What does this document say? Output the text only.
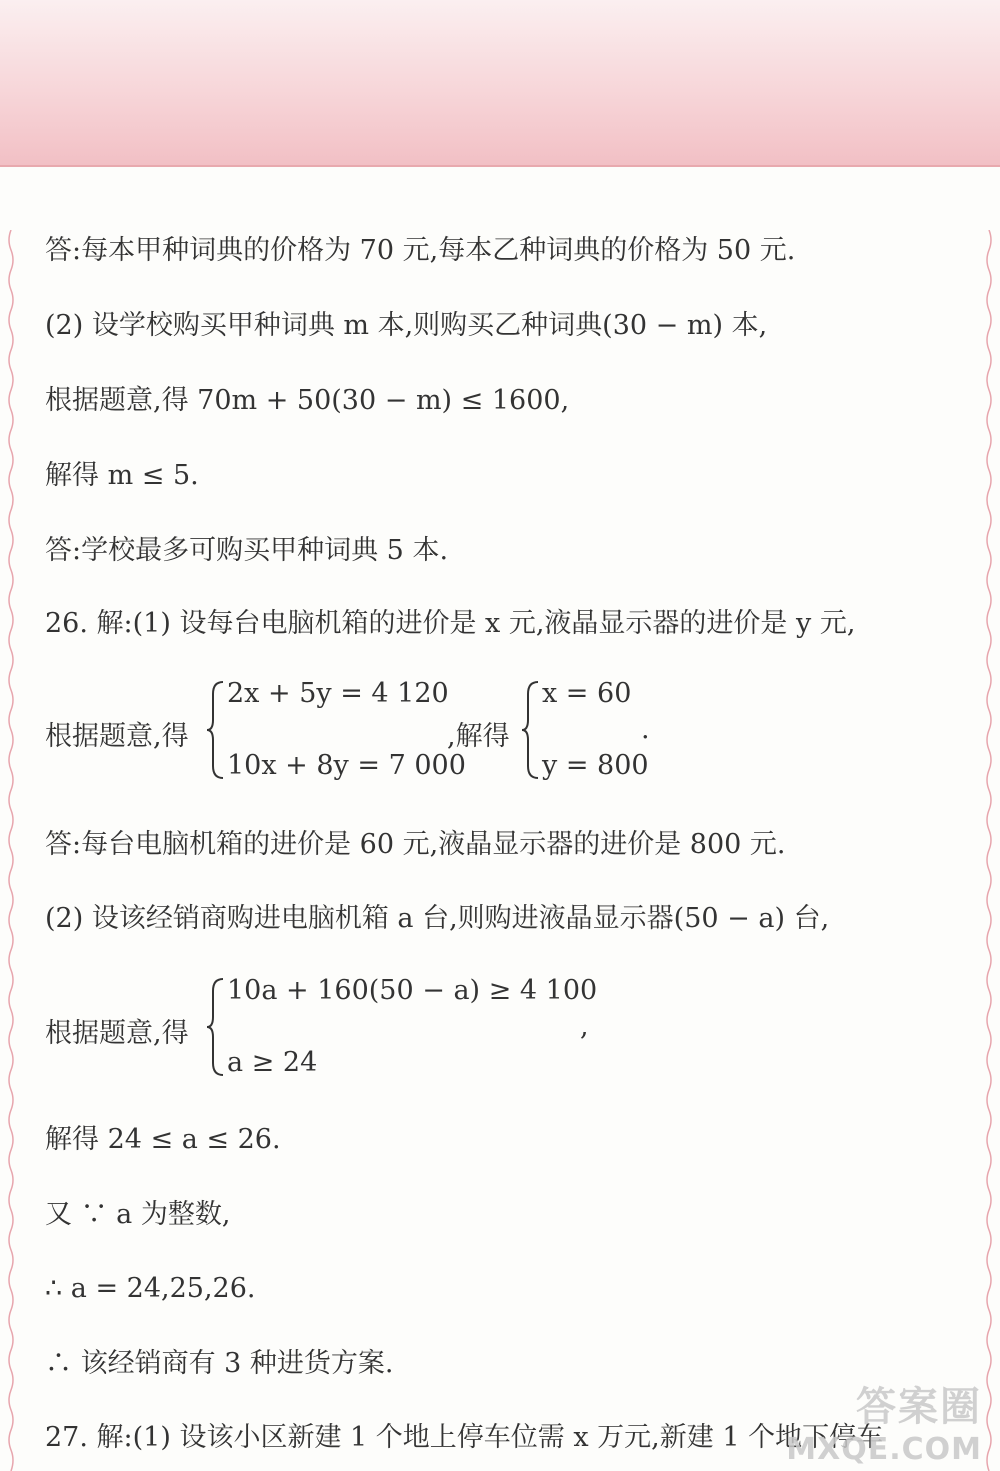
答:每本甲种词典的价格为 70 元,每本乙种词典的价格为 50 元.
(2) 设学校购买甲种词典 m 本,则购买乙种词典(30 − m) 本,
根据题意,得 70m + 50(30 − m) ≤ 1600,
解得 m ≤ 5.
答:学校最多可购买甲种词典 5 本.
26. 解:(1) 设每台电脑机箱的进价是 x 元,液晶显示器的进价是 y 元,
根据题意,得
2x + 5y = 4 120
10x + 8y = 7 000
,解得
x = 60
y = 800
.
答:每台电脑机箱的进价是 60 元,液晶显示器的进价是 800 元.
(2) 设该经销商购进电脑机箱 a 台,则购进液晶显示器(50 − a) 台,
根据题意,得
10a + 160(50 − a) ≥ 4 100
a ≥ 24
,
解得 24 ≤ a ≤ 26.
又 ∵ a 为整数,
∴ a = 24,25,26.
∴ 该经销商有 3 种进货方案.
27. 解:(1) 设该小区新建 1 个地上停车位需 x 万元,新建 1 个地下停车
答案圈
MXQE.COM
